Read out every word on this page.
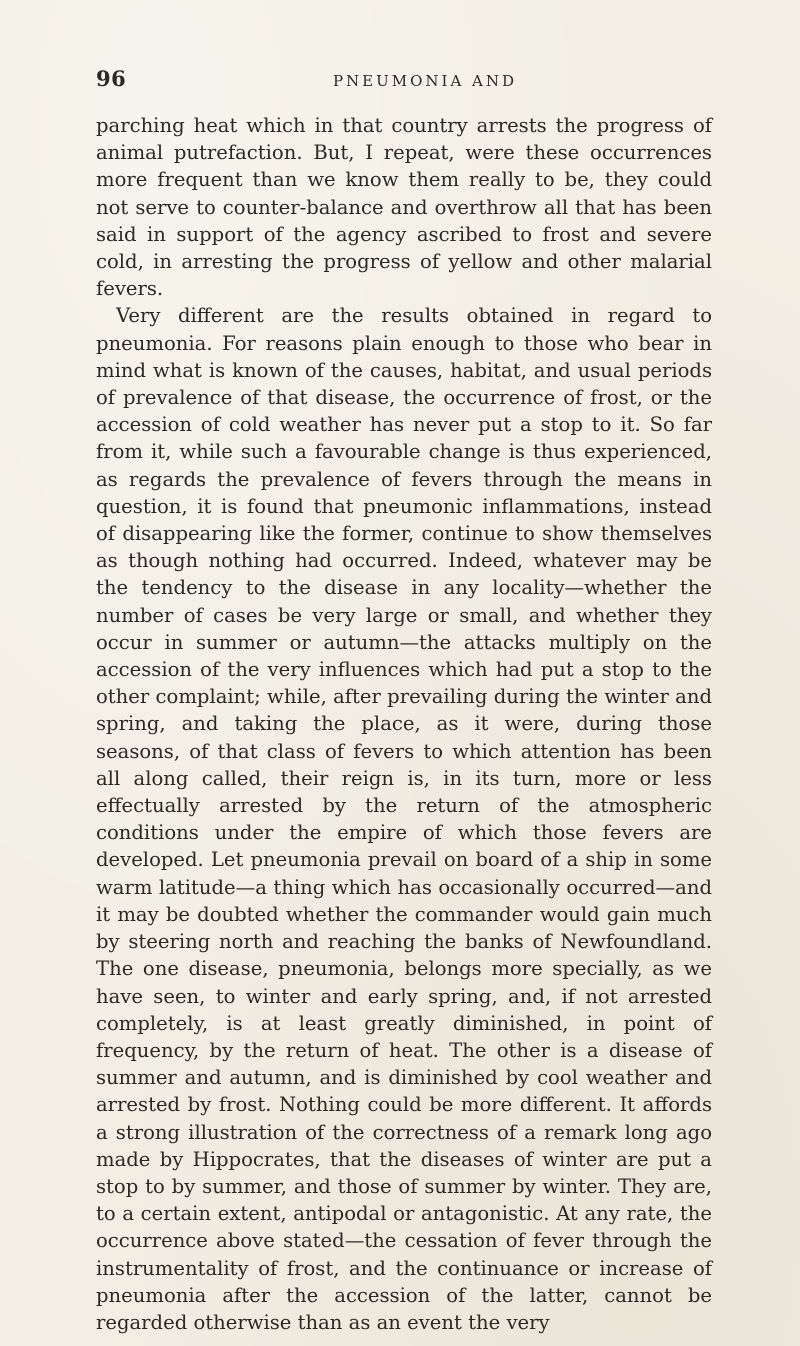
96	PNEUMONIA AND

parching heat which in that country arrests the progress of animal putrefaction. But, I repeat, were these occurrences more frequent than we know them really to be, they could not serve to counter-balance and overthrow all that has been said in support of the agency ascribed to frost and severe cold, in arresting the progress of yellow and other malarial fevers.

Very different are the results obtained in regard to pneumonia. For reasons plain enough to those who bear in mind what is known of the causes, habitat, and usual periods of prevalence of that disease, the occurrence of frost, or the accession of cold weather has never put a stop to it. So far from it, while such a favourable change is thus experienced, as regards the prevalence of fevers through the means in question, it is found that pneumonic inflammations, instead of disappearing like the former, continue to show themselves as though nothing had occurred. Indeed, whatever may be the tendency to the disease in any locality—whether the number of cases be very large or small, and whether they occur in summer or autumn—the attacks multiply on the accession of the very influences which had put a stop to the other complaint; while, after prevailing during the winter and spring, and taking the place, as it were, during those seasons, of that class of fevers to which attention has been all along called, their reign is, in its turn, more or less effectually arrested by the return of the atmospheric conditions under the empire of which those fevers are developed. Let pneumonia prevail on board of a ship in some warm latitude—a thing which has occasionally occurred—and it may be doubted whether the commander would gain much by steering north and reaching the banks of Newfoundland. The one disease, pneumonia, belongs more specially, as we have seen, to winter and early spring, and, if not arrested completely, is at least greatly diminished, in point of frequency, by the return of heat. The other is a disease of summer and autumn, and is diminished by cool weather and arrested by frost. Nothing could be more different. It affords a strong illustration of the correctness of a remark long ago made by Hippocrates, that the diseases of winter are put a stop to by summer, and those of summer by winter. They are, to a certain extent, antipodal or antagonistic. At any rate, the occurrence above stated—the cessation of fever through the instrumentality of frost, and the continuance or increase of pneumonia after the accession of the latter, cannot be regarded otherwise than as an event the very
